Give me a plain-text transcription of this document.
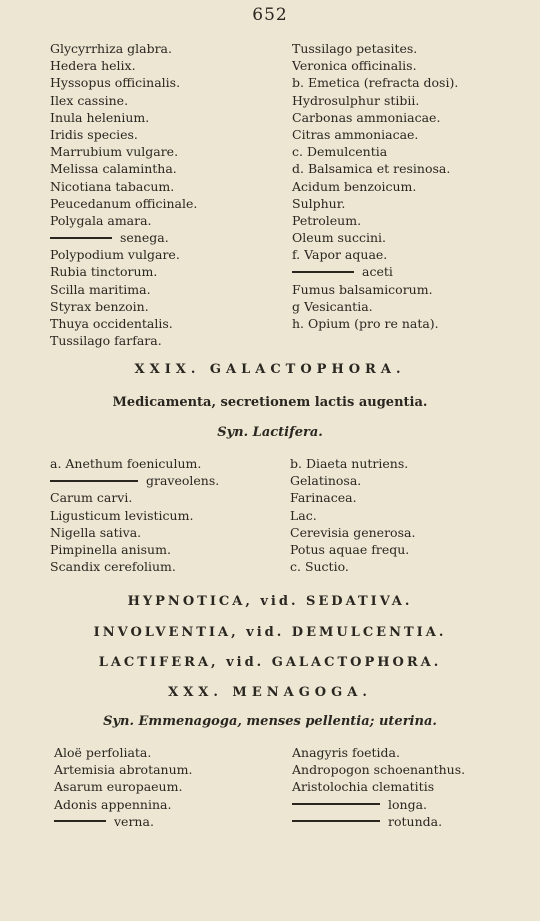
652
Glycyrrhiza glabra.
Hedera helix.
Hyssopus officinalis.
Ilex cassine.
Inula helenium.
Iridis species.
Marrubium vulgare.
Melissa calamintha.
Nicotiana tabacum.
Peucedanum officinale.
Polygala amara.
senega.
Polypodium vulgare.
Rubia tinctorum.
Scilla maritima.
Styrax benzoin.
Thuya occidentalis.
Tussilago farfara.
Tussilago petasites.
Veronica officinalis.
b. Emetica (refracta dosi).
Hydrosulphur stibii.
Carbonas ammoniacae.
Citras ammoniacae.
c. Demulcentia
d. Balsamica et resinosa.
Acidum benzoicum.
Sulphur.
Petroleum.
Oleum succini.
f. Vapor aquae.
aceti
Fumus balsamicorum.
g Vesicantia.
h. Opium (pro re nata).
XXIX. GALACTOPHORA.
Medicamenta, secretionem lactis augentia.
Syn. Lactifera.
a. Anethum foeniculum.
graveolens.
Carum carvi.
Ligusticum levisticum.
Nigella sativa.
Pimpinella anisum.
Scandix cerefolium.
b. Diaeta nutriens.
Gelatinosa.
Farinacea.
Lac.
Cerevisia generosa.
Potus aquae frequ.
c. Suctio.
HYPNOTICA, vid. SEDATIVA.
INVOLVENTIA, vid. DEMULCENTIA.
LACTIFERA, vid. GALACTOPHORA.
XXX. MENAGOGA.
Syn. Emmenagoga, menses pellentia; uterina.
Aloë perfoliata.
Artemisia abrotanum.
Asarum europaeum.
Adonis appennina.
verna.
Anagyris foetida.
Andropogon schoenanthus.
Aristolochia clematitis
longa.
rotunda.
